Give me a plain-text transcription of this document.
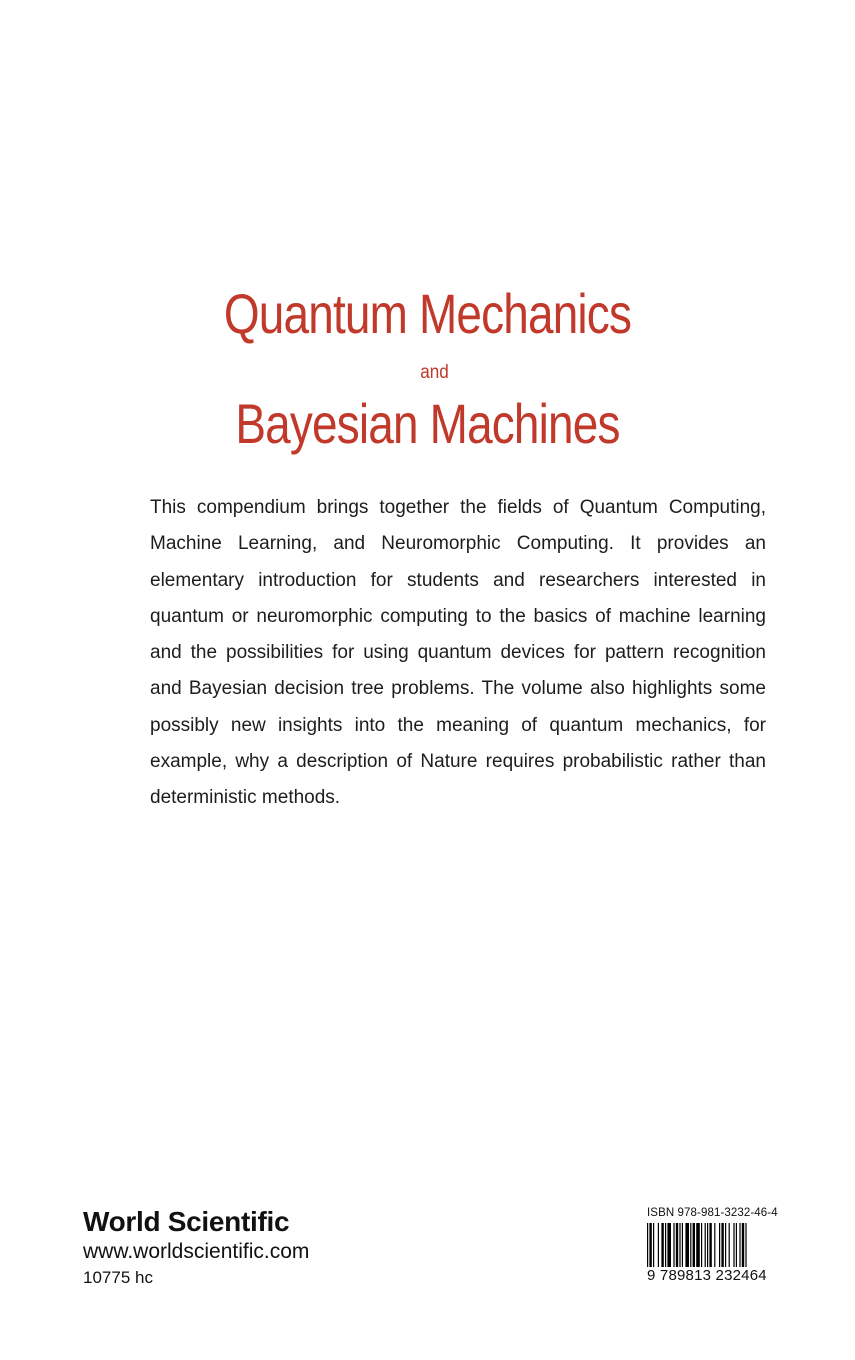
Quantum Mechanics
and
Bayesian Machines
This compendium brings together the fields of Quantum Computing, Machine Learning, and Neuromorphic Computing. It provides an elementary introduction for students and researchers interested in quantum or neuromorphic computing to the basics of machine learning and the possibilities for using quantum devices for pattern recognition and Bayesian decision tree problems. The volume also highlights some possibly new insights into the meaning of quantum mechanics, for example, why a description of Nature requires probabilistic rather than deterministic methods.
World Scientific
www.worldscientific.com
10775 hc
ISBN 978-981-3232-46-4
9 789813 232464
